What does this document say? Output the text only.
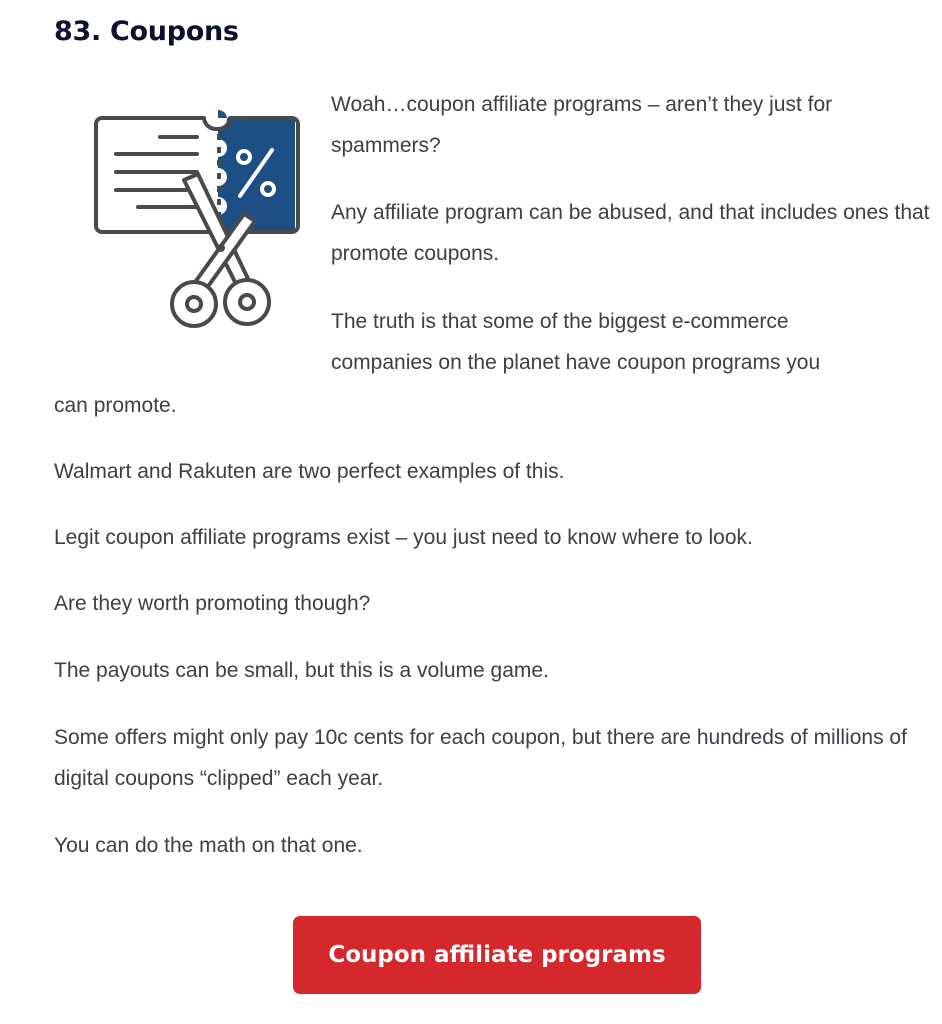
83. Coupons

Woah…coupon affiliate programs – aren’t they just for spammers?

Any affiliate program can be abused, and that includes ones that promote coupons.

The truth is that some of the biggest e-commerce

companies on the planet have coupon programs you

can promote.

Walmart and Rakuten are two perfect examples of this.

Legit coupon affiliate programs exist – you just need to know where to look.

Are they worth promoting though?

The payouts can be small, but this is a volume game.

Some offers might only pay 10c cents for each coupon, but there are hundreds of millions of digital coupons “clipped” each year.

You can do the math on that one.

Coupon affiliate programs
